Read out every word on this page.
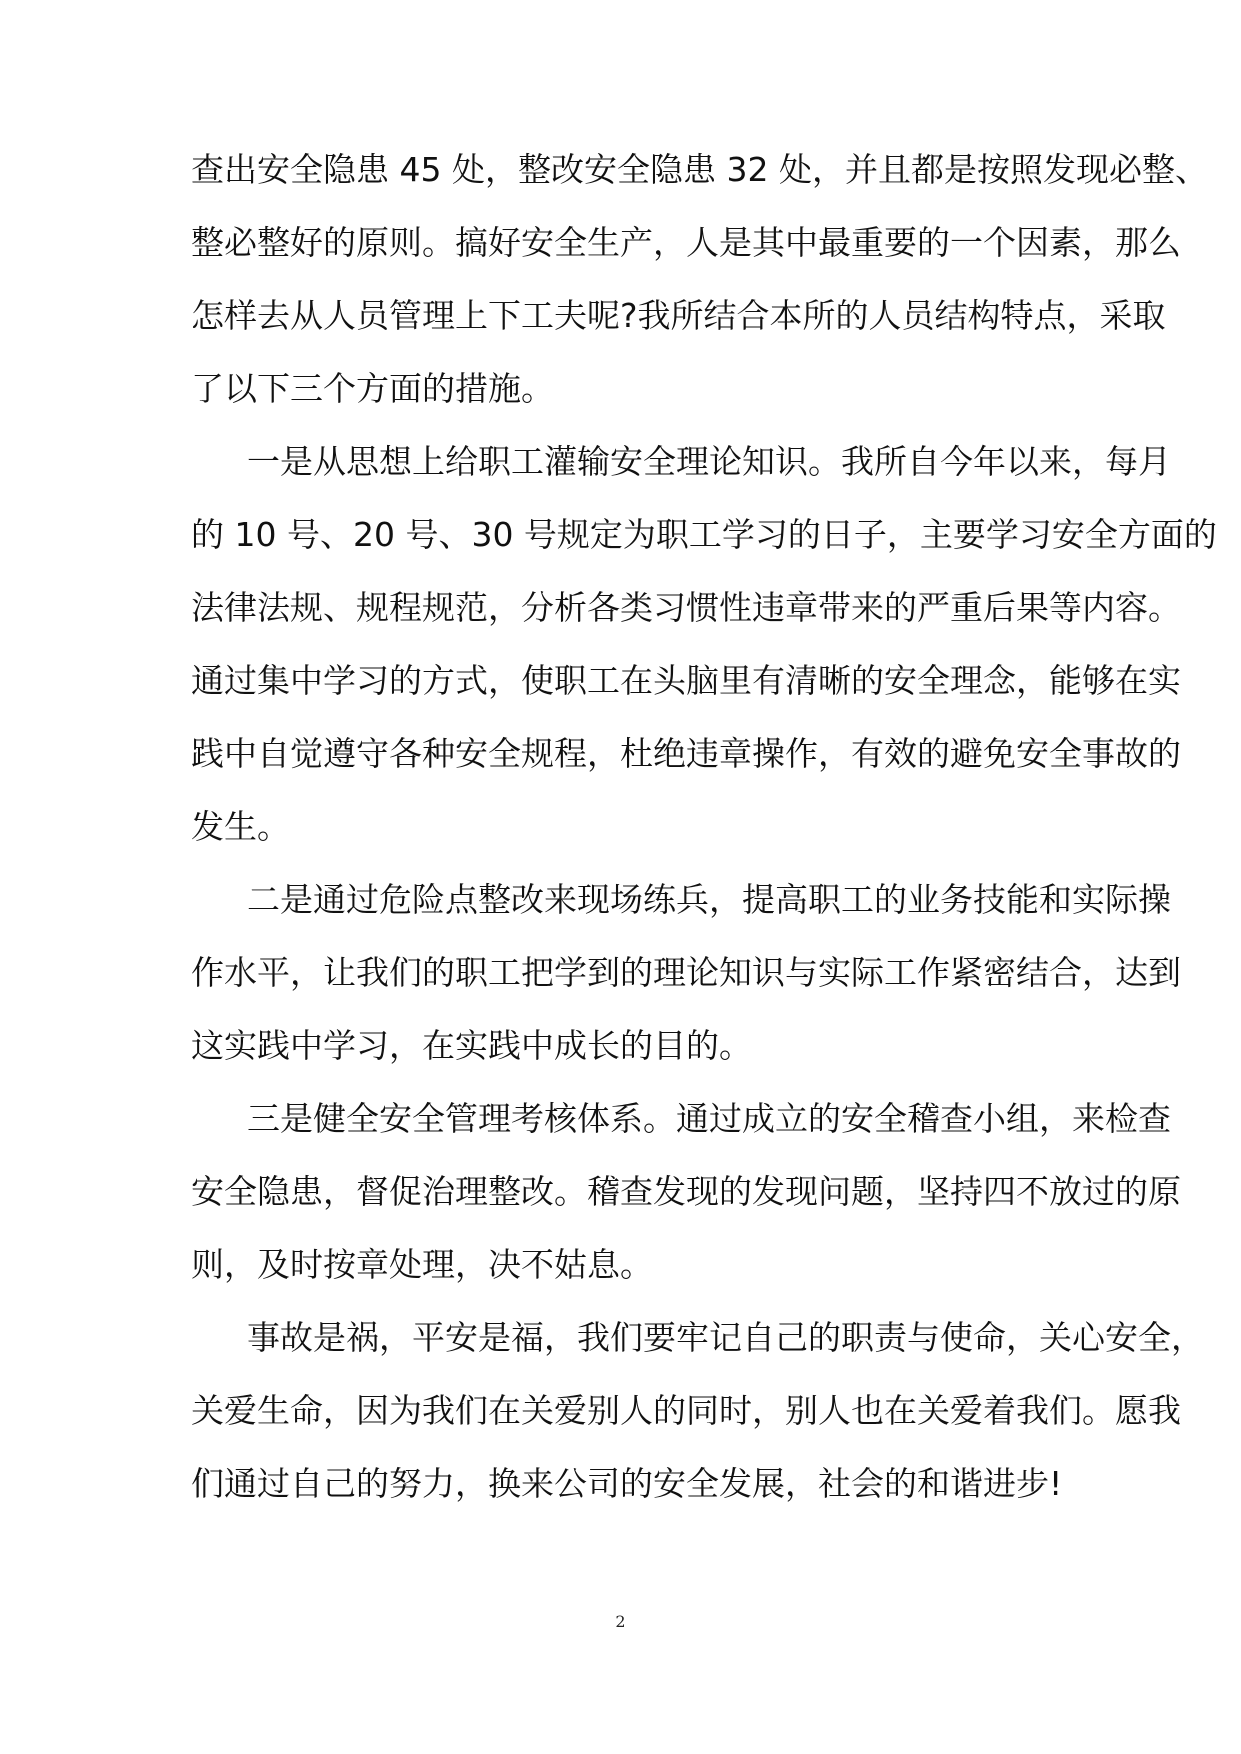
查出安全隐患 45 处，整改安全隐患 32 处，并且都是按照发现必整、
整必整好的原则。搞好安全生产，人是其中最重要的一个因素，那么
怎样去从人员管理上下工夫呢?我所结合本所的人员结构特点，采取
了以下三个方面的措施。
一是从思想上给职工灌输安全理论知识。我所自今年以来，每月
的 10 号、20 号、30 号规定为职工学习的日子，主要学习安全方面的
法律法规、规程规范，分析各类习惯性违章带来的严重后果等内容。
通过集中学习的方式，使职工在头脑里有清晰的安全理念，能够在实
践中自觉遵守各种安全规程，杜绝违章操作，有效的避免安全事故的
发生。
二是通过危险点整改来现场练兵，提高职工的业务技能和实际操
作水平，让我们的职工把学到的理论知识与实际工作紧密结合，达到
这实践中学习，在实践中成长的目的。
三是健全安全管理考核体系。通过成立的安全稽查小组，来检查
安全隐患，督促治理整改。稽查发现的发现问题，坚持四不放过的原
则，及时按章处理，决不姑息。
事故是祸，平安是福，我们要牢记自己的职责与使命，关心安全，
关爱生命，因为我们在关爱别人的同时，别人也在关爱着我们。愿我
们通过自己的努力，换来公司的安全发展，社会的和谐进步!
2
